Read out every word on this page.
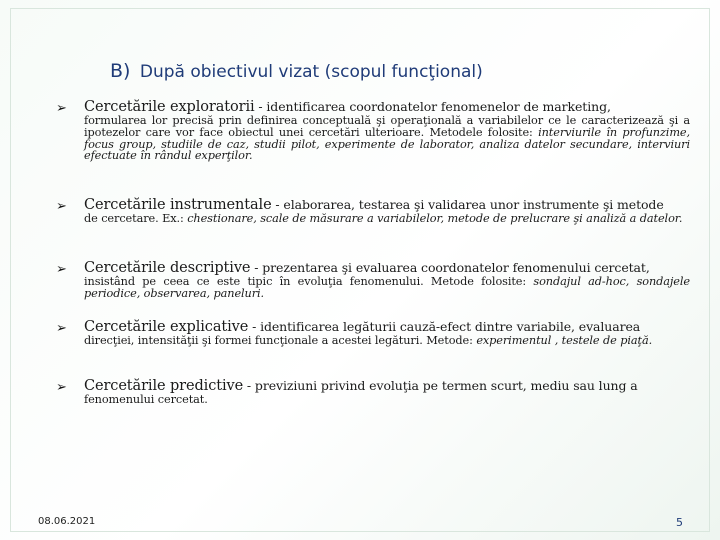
B) După obiectivul vizat (scopul funcţional)
➢ Cercetările exploratorii - identificarea coordonatelor fenomenelor de marketing,
formularea lor precisă prin definirea conceptuală şi operaţională a variabilelor ce le caracterizează şi a ipotezelor care vor face obiectul unei cercetări ulterioare. Metodele folosite: interviurile în profunzime, focus group, studiile de caz, studii pilot, experimente de laborator, analiza datelor secundare, interviuri efectuate în rândul experţilor.
➢ Cercetările instrumentale - elaborarea, testarea şi validarea unor instrumente şi metode
de cercetare. Ex.: chestionare, scale de măsurare a variabilelor, metode de prelucrare şi analiză a datelor.
➢ Cercetările descriptive - prezentarea şi evaluarea coordonatelor fenomenului cercetat,
insistând pe ceea ce este tipic în evoluţia fenomenului. Metode folosite: sondajul ad-hoc, sondajele periodice, observarea, paneluri.
➢ Cercetările explicative - identificarea legăturii cauză-efect dintre variabile, evaluarea
direcţiei, intensităţii şi formei funcţionale a acestei legături. Metode: experimentul , testele de piaţă.
➢ Cercetările predictive - previziuni privind evoluţia pe termen scurt, mediu sau lung a
fenomenului cercetat.
08.06.2021	5
